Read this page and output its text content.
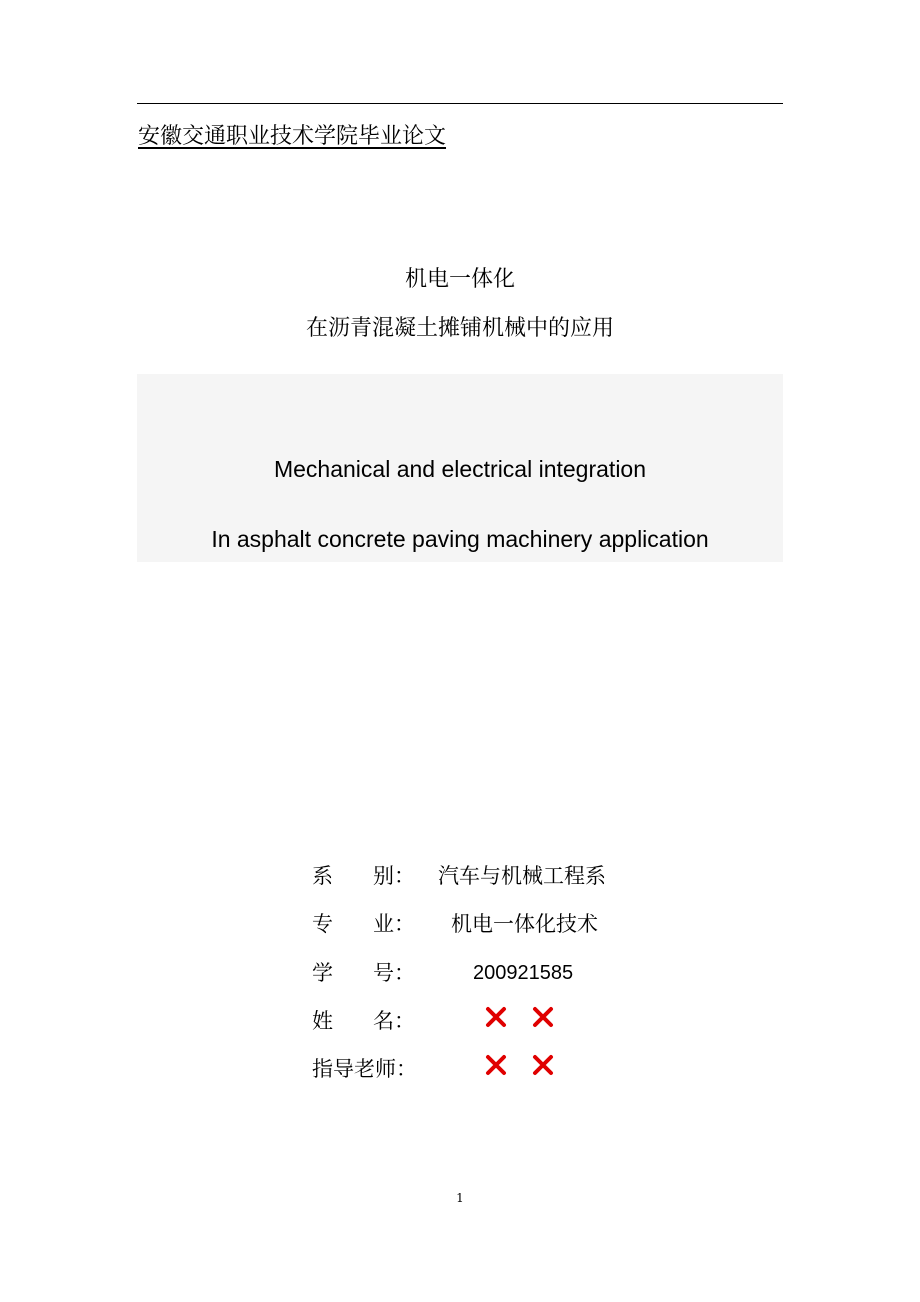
安徽交通职业技术学院毕业论文
机电一体化
在沥青混凝土摊铺机械中的应用
Mechanical and electrical integration
In asphalt concrete paving machinery application
系      别：	汽车与机械工程系
专      业：	机电一体化技术
学      号：	200921585
姓      名：
指导老师：
1
